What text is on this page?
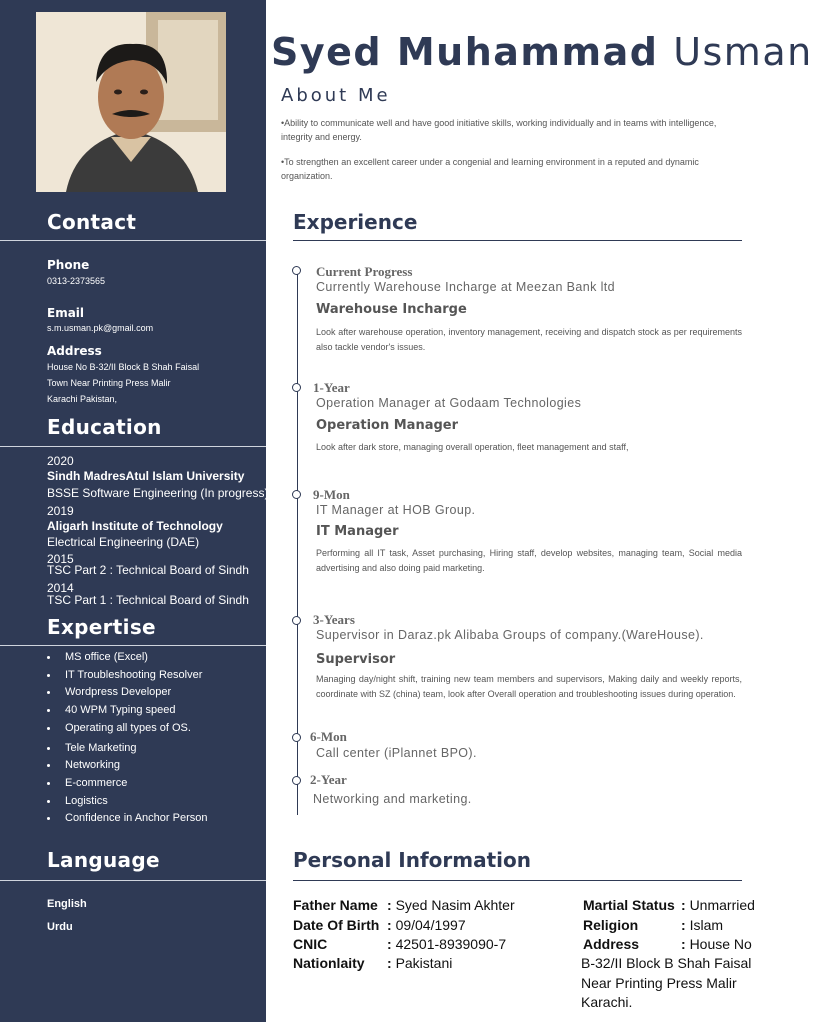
Contact
Phone
0313-2373565
Email
s.m.usman.pk@gmail.com
Address
House No B-32/II Block B Shah Faisal
Town Near Printing Press Malir
Karachi Pakistan,
Education
2020
Sindh MadresAtul Islam University
BSSE Software Engineering (In progress)
2019
Aligarh Institute of Technology
Electrical Engineering (DAE)
2015
TSC Part 2 : Technical Board of Sindh
2014
TSC Part 1 : Technical Board of Sindh
Expertise
MS office (Excel)
IT Troubleshooting Resolver
Wordpress Developer
40 WPM Typing speed
Operating all types of OS.
Tele Marketing
Networking
E-commerce
Logistics
Confidence in Anchor Person
Language
English
Urdu
Syed Muhammad Usman
About Me

•Ability to communicate well and have good initiative skills, working individually and in teams with intelligence, integrity and energy.

•To strengthen an excellent career under a congenial and learning environment in a reputed and dynamic organization.

Experience
Current Progress
Currently Warehouse Incharge at Meezan Bank ltd
Warehouse Incharge

Look after warehouse operation, inventory management, receiving and dispatch stock as per requirements also tackle vendor's issues.

1-Year
Operation Manager at Godaam Technologies
Operation Manager

Look after dark store, managing overall operation, fleet management and staff,

9-Mon
IT Manager at HOB Group.
IT Manager

Performing all IT task, Asset purchasing, Hiring staff, develop websites, managing team, Social media advertising and also doing paid marketing.

3-Years
Supervisor in Daraz.pk Alibaba Groups of company.(WareHouse).
Supervisor

Managing day/night shift, training new team members and supervisors, Making daily and weekly reports, coordinate with SZ (china) team, look after Overall operation and troubleshooting issues during operation.

6-Mon
Call center (iPlannet BPO).
2-Year
Networking and marketing.
Personal Information
Father Name : Syed Nasim Akhter
Date Of Birth : 09/04/1997
CNIC	: 42501-8939090-7
Nationlaity : Pakistani
Martial Status : Unmarried
Religion	: Islam
Address	: House No
B-32/II Block B Shah Faisal
Near Printing Press Malir
Karachi.
